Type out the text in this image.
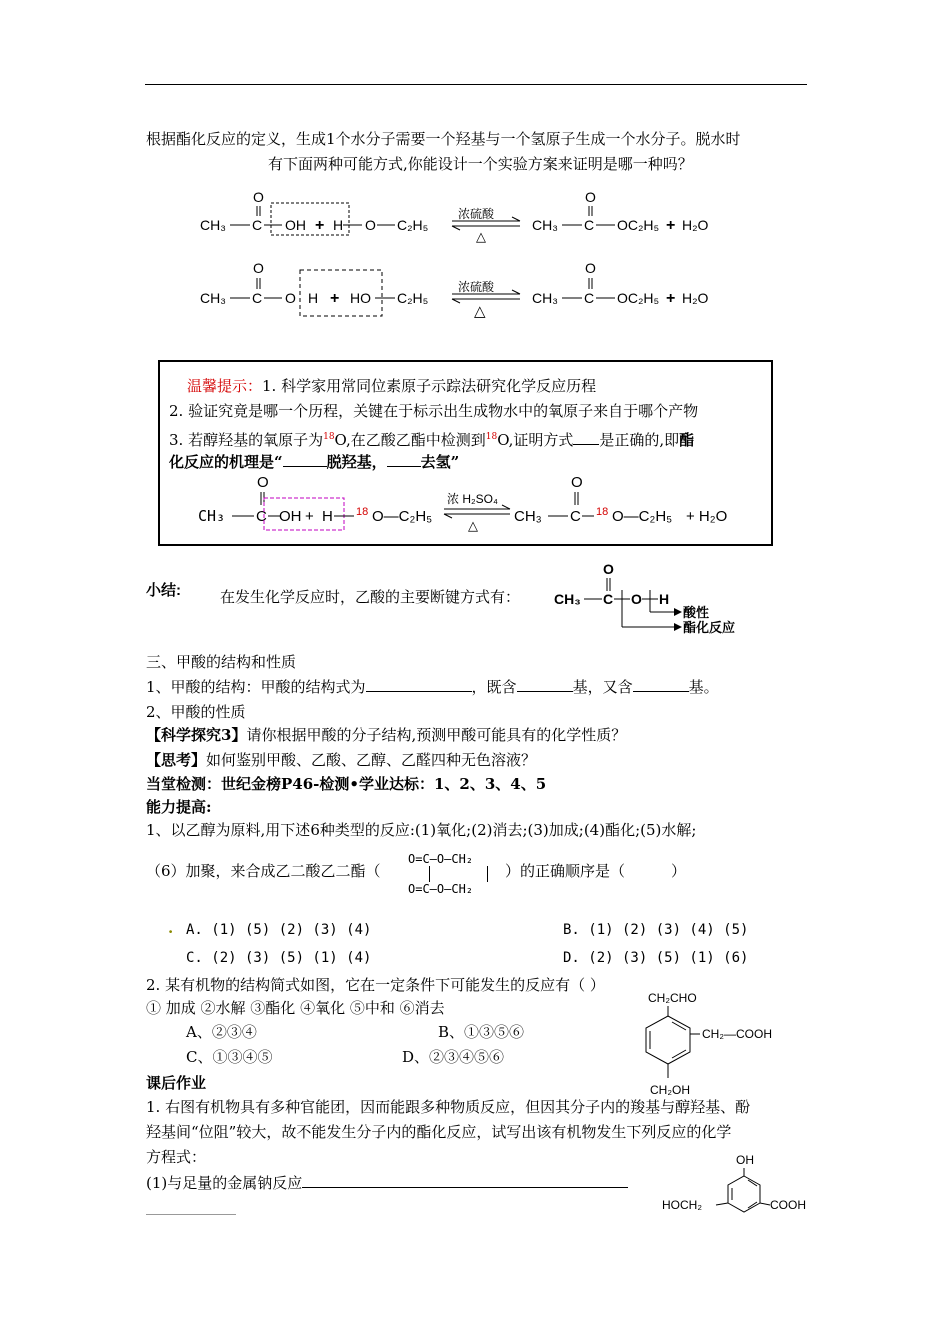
根据酯化反应的定义，生成1个水分子需要一个羟基与一个氢原子生成一个水分子。脱水时
有下面两种可能方式,你能设计一个实验方案来证明是哪一种吗？
CH₃ C
O
OH + H O C₂H₅
浓硫酸
△
CH₃ C
O
OC₂H₅ + H₂O
CH₃ C
O
O H + HO C₂H₅
浓硫酸
△
CH₃ C
O
OC₂H₅ + H₂O
温馨提示：1. 科学家用常同位素原子示踪法研究化学反应历程
2. 验证究竟是哪一个历程，关键在于标示出生成物水中的氧原子来自于哪个产物
3. 若醇羟基的氧原子为$^{18}$O,在乙酸乙酯中检测到$^{18}$O,证明方式 是正确的,即酯
化反应的机理是“	脱羟基， 去氢”
CH₃ C
O
OH + H 18 O—C₂H₅
浓 H₂SO₄
△
CH₃ C
O
18 O—C₂H₅ + H₂O
小结:	在发生化学反应时，乙酸的主要断键方式有： CH₃ C
O
O H
酸性
酯化反应
三、甲酸的结构和性质
1、甲酸的结构：甲酸的结构式为	，既含	基，又含	基。
2、甲酸的性质
【科学探究3】请你根据甲酸的分子结构,预测甲酸可能具有的化学性质？
【思考】如何鉴别甲酸、乙酸、乙醇、乙醛四种无色溶液？
当堂检测：世纪金榜P46-检测•学业达标：1、2、3、4、5
能力提高:
1、以乙醇为原料,用下述6种类型的反应:(1)氧化;(2)消去;(3)加成;(4)酯化;(5)水解;
（6）加聚，来合成乙二酸乙二酯（
O=C—O—CH₂
O=C—O—CH₂
）的正确顺序是（	）
. A. (1) (5) (2) (3) (4)	B. (1) (2) (3) (4) (5)
C. (2) (3) (5) (1) (4)	D. (2) (3) (5) (1) (6)
2. 某有机物的结构简式如图，它在一定条件下可能发生的反应有（ ）
① 加成 ②水解 ③酯化 ④氧化 ⑤中和 ⑥消去
A、②③④	B、①③⑤⑥
C、①③④⑤	D、②③④⑤⑥
CH₂CHO
CH₂—COOH
CH₂OH
课后作业
1. 右图有机物具有多种官能团，因而能跟多种物质反应，但因其分子内的羧基与醇羟基、酚
羟基间“位阻”较大，故不能发生分子内的酯化反应，试写出该有机物发生下列反应的化学
方程式：
(1)与足量的金属钠反应
OH
HOCH₂	COOH
